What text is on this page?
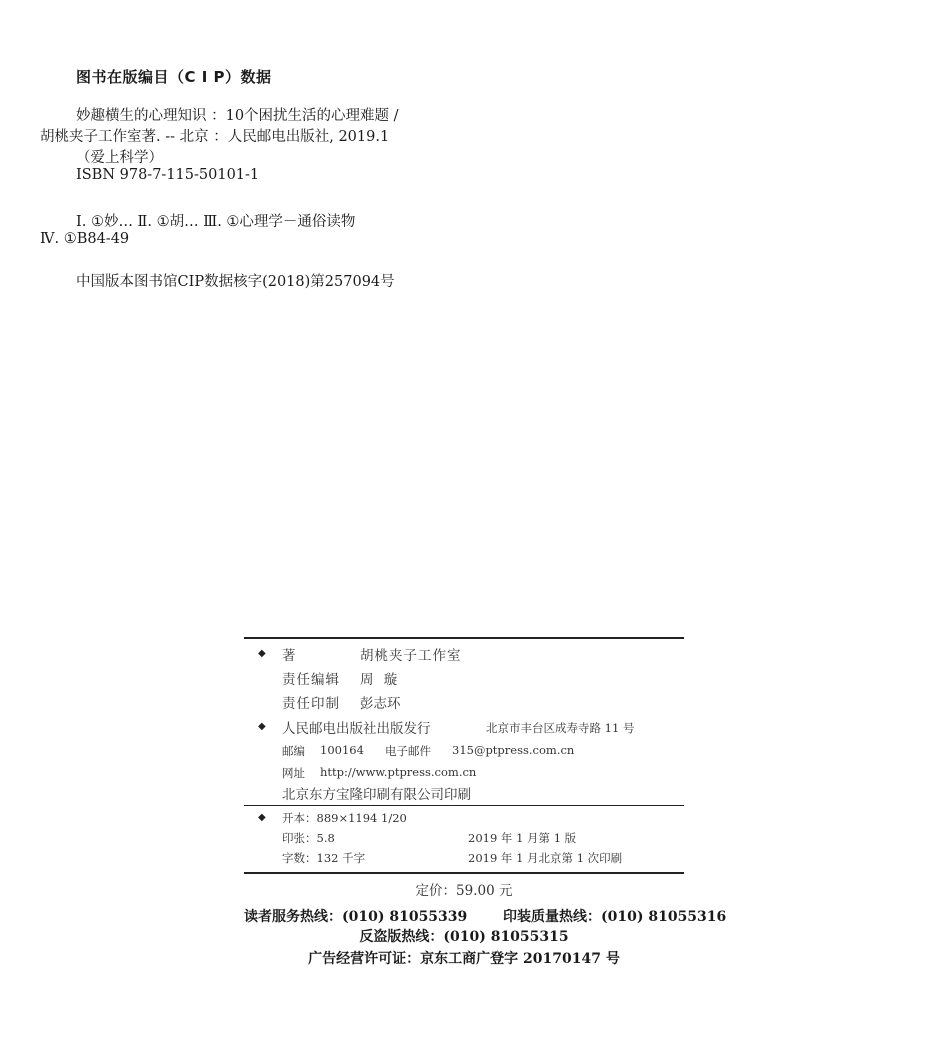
图书在版编目（C I P）数据
妙趣横生的心理知识 ：10个困扰生活的心理难题 /
胡桃夹子工作室著. -- 北京 ：人民邮电出版社, 2019.1
（爱上科学）
ISBN 978-7-115-50101-1
Ⅰ. ①妙… Ⅱ. ①胡… Ⅲ. ①心理学－通俗读物
Ⅳ. ①B84-49
中国版本图书馆CIP数据核字(2018)第257094号
◆ 著	胡桃夹子工作室
责任编辑 周 璇
责任印制 彭志环
◆ 人民邮电出版社出版发行	北京市丰台区成寿寺路 11 号
邮编 100164 电子邮件 315@ptpress.com.cn
网址 http://www.ptpress.com.cn
北京东方宝隆印刷有限公司印刷
◆ 开本：889×1194 1/20
印张：5.8	2019 年 1 月第 1 版
字数：132 千字	2019 年 1 月北京第 1 次印刷
定价：59.00 元
读者服务热线：(010) 81055339	印装质量热线：(010) 81055316
反盗版热线：(010) 81055315
广告经营许可证：京东工商广登字 20170147 号
